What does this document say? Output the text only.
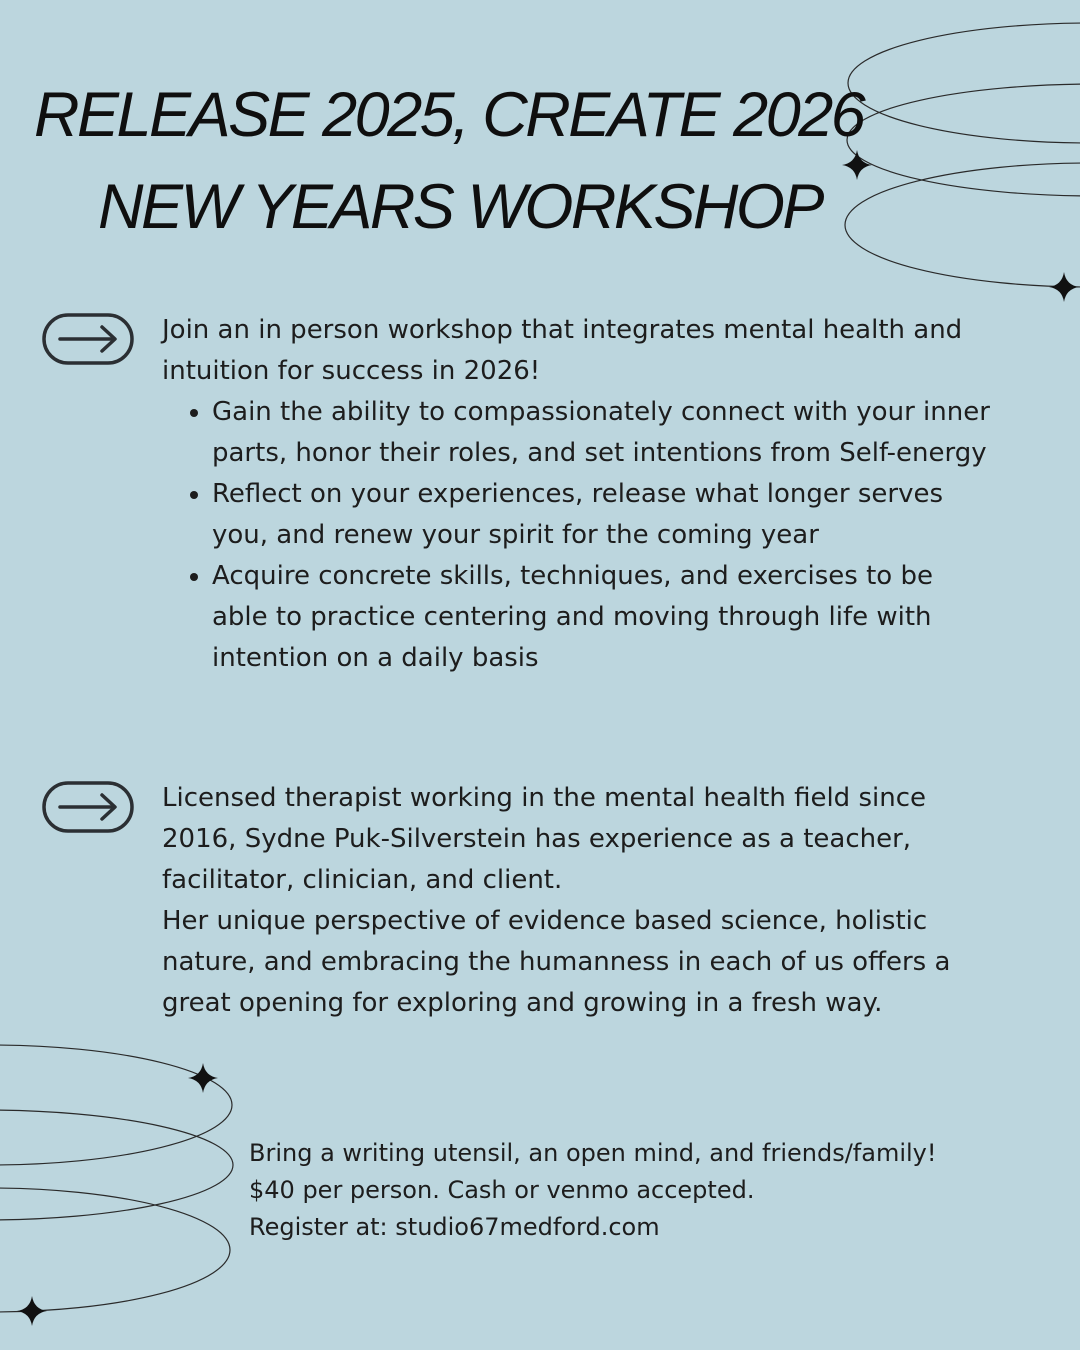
RELEASE 2025, CREATE 2026
NEW YEARS WORKSHOP

Join an in person workshop that integrates mental health and intuition for success in 2026!

• Gain the ability to compassionately connect with your inner parts, honor their roles, and set intentions from Self-energy
• Reflect on your experiences, release what longer serves you, and renew your spirit for the coming year
• Acquire concrete skills, techniques, and exercises to be able to practice centering and moving through life with intention on a daily basis

Licensed therapist working in the mental health field since 2016, Sydne Puk-Silverstein has experience as a teacher, facilitator, clinician, and client.

Her unique perspective of evidence based science, holistic nature, and embracing the humanness in each of us offers a great opening for exploring and growing in a fresh way.

Bring a writing utensil, an open mind, and friends/family!

$40 per person. Cash or venmo accepted.

Register at: studio67medford.com
